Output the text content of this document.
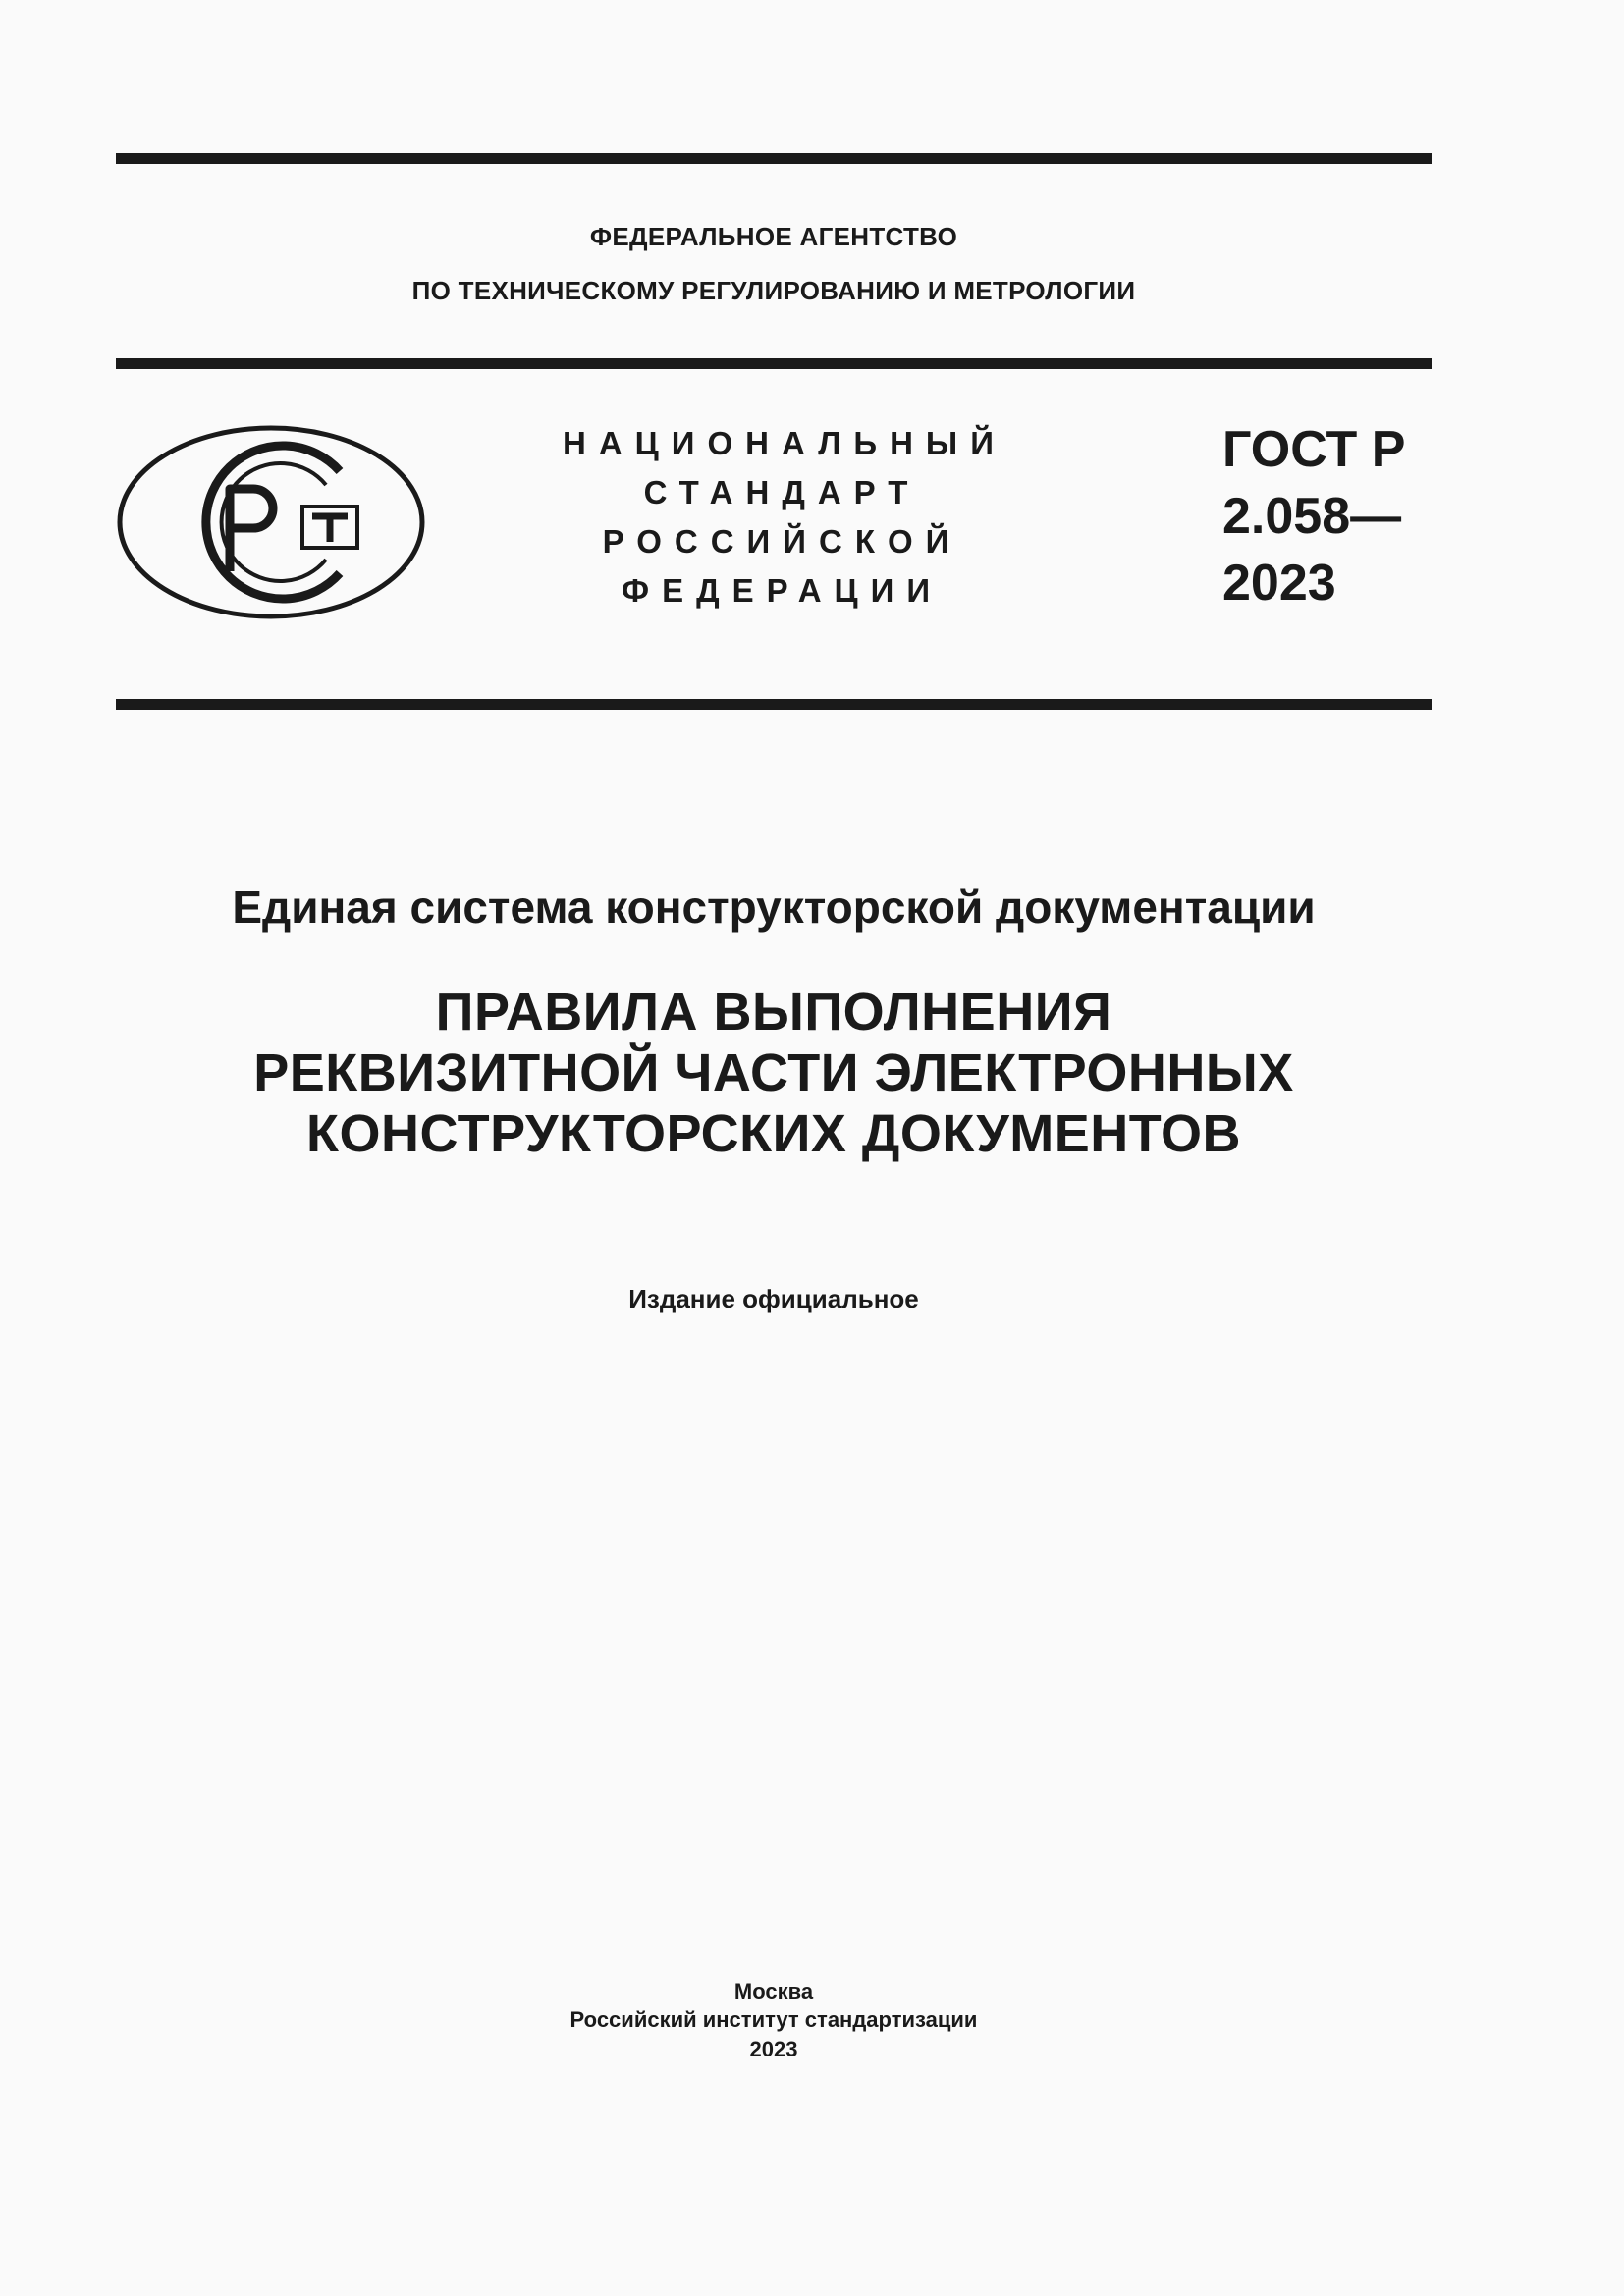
ФЕДЕРАЛЬНОЕ АГЕНТСТВО
ПО ТЕХНИЧЕСКОМУ РЕГУЛИРОВАНИЮ И МЕТРОЛОГИИ
НАЦИОНАЛЬНЫЙ
СТАНДАРТ
РОССИЙСКОЙ
ФЕДЕРАЦИИ
ГОСТ Р
2.058—
2023
Единая система конструкторской документации
ПРАВИЛА ВЫПОЛНЕНИЯ
РЕКВИЗИТНОЙ ЧАСТИ ЭЛЕКТРОННЫХ
КОНСТРУКТОРСКИХ ДОКУМЕНТОВ
Издание официальное
Москва
Российский институт стандартизации
2023
